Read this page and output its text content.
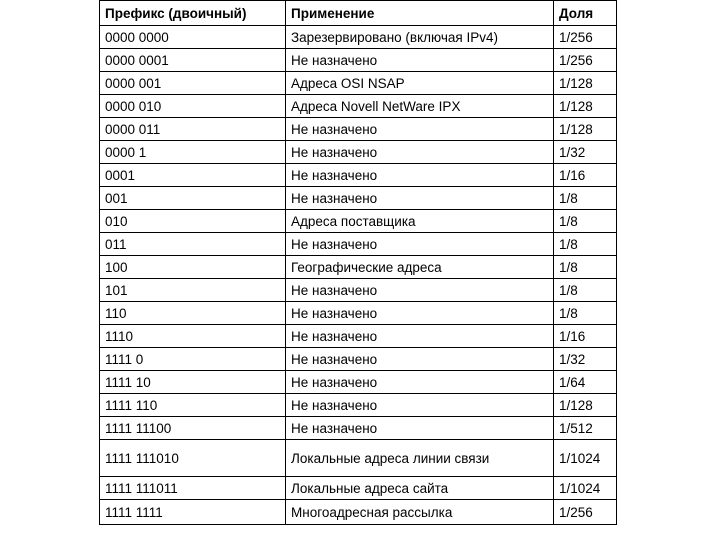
Префикс (двоичный)	Применение	Доля
0000 0000	Зарезервировано (включая IPv4)	1/256
0000 0001	Не назначено	1/256
0000 001	Адреса OSI NSAP	1/128
0000 010	Адреса Novell NetWare IPX	1/128
0000 011	Не назначено	1/128
0000 1	Не назначено	1/32
0001	Не назначено	1/16
001	Не назначено	1/8
010	Адреса поставщика	1/8
011	Не назначено	1/8
100	Географические адреса	1/8
101	Не назначено	1/8
110	Не назначено	1/8
1110	Не назначено	1/16
1111 0	Не назначено	1/32
1111 10	Не назначено	1/64
1111 110	Не назначено	1/128
1111 11100	Не назначено	1/512
1111 111010	Локальные адреса линии связи	1/1024
1111 111011	Локальные адреса сайта	1/1024
1111 1111	Многоадресная рассылка	1/256
